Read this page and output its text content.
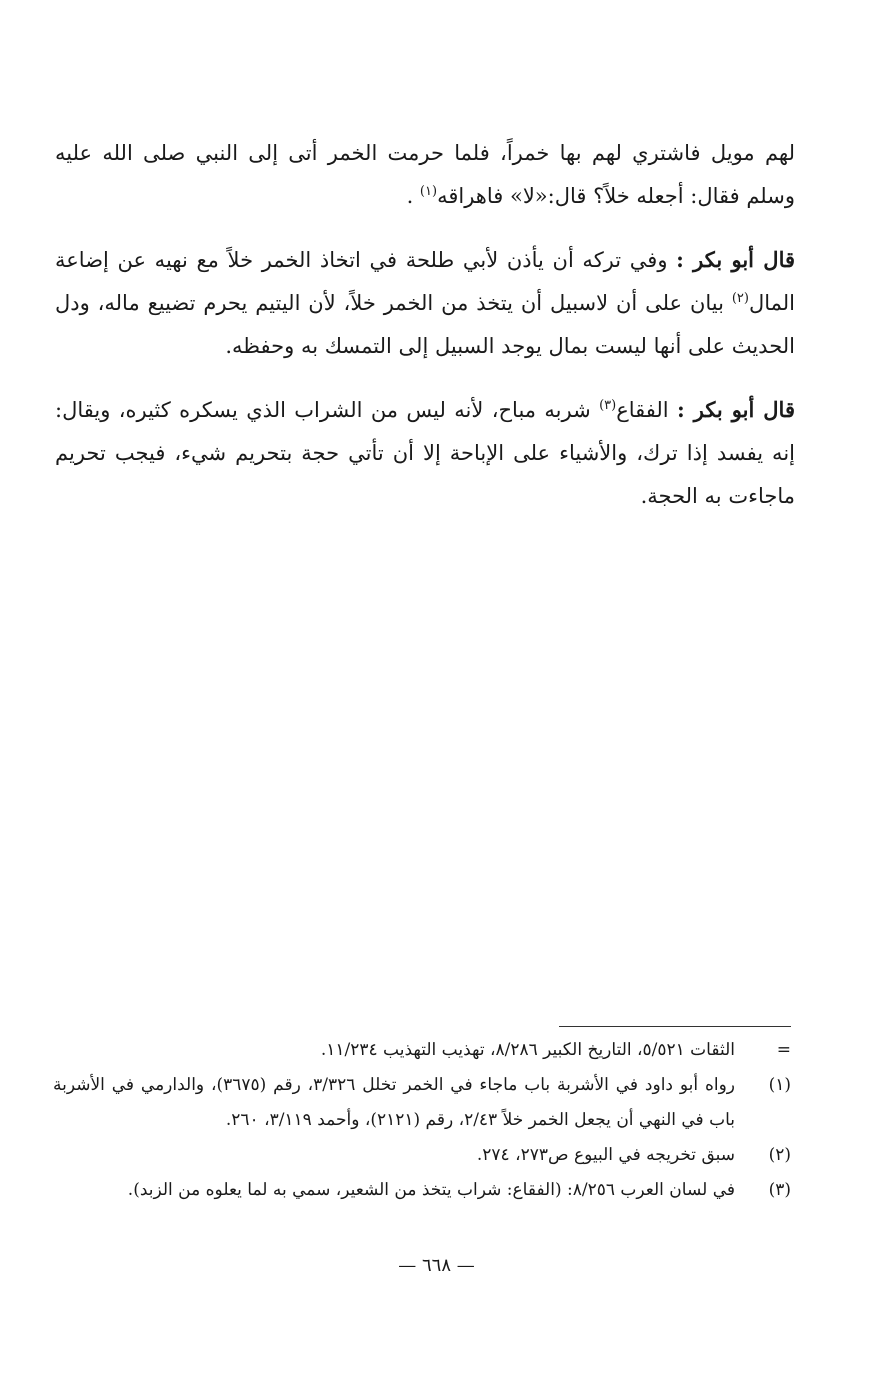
لهم مويل فاشتري لهم بها خمراً، فلما حرمت الخمر أتى إلى النبي صلى الله عليه وسلم فقال: أجعله خلاً؟ قال:«لا» فاهراقه$^{(١)}$ .

قال أبو بكر : وفي تركه أن يأذن لأبي طلحة في اتخاذ الخمر خلاً مع نهيه عن إضاعة المال$^{(٢)}$ بيان على أن لاسبيل أن يتخذ من الخمر خلاً، لأن اليتيم يحرم تضييع ماله، ودل الحديث على أنها ليست بمال يوجد السبيل إلى التمسك به وحفظه.

قال أبو بكر : الفقاع$^{(٣)}$ شربه مباح، لأنه ليس من الشراب الذي يسكره كثيره، ويقال: إنه يفسد إذا ترك، والأشياء على الإباحة إلا أن تأتي حجة بتحريم شيء، فيجب تحريم ماجاءت به الحجة.

=
الثقات ٥/٥٢١، التاريخ الكبير ٨/٢٨٦، تهذيب التهذيب ١١/٢٣٤.
(١)
رواه أبو داود في الأشربة باب ماجاء في الخمر تخلل ٣/٣٢٦، رقم (٣٦٧٥)، والدارمي في الأشربة باب في النهي أن يجعل الخمر خلاً ٢/٤٣، رقم (٢١٢١)، وأحمد ٣/١١٩، ٢٦٠.
(٢)
سبق تخريجه في البيوع ص٢٧٣، ٢٧٤.
(٣)
في لسان العرب ٨/٢٥٦: (الفقاع: شراب يتخذ من الشعير، سمي به لما يعلوه من الزبد).
— ٦٦٨ —
